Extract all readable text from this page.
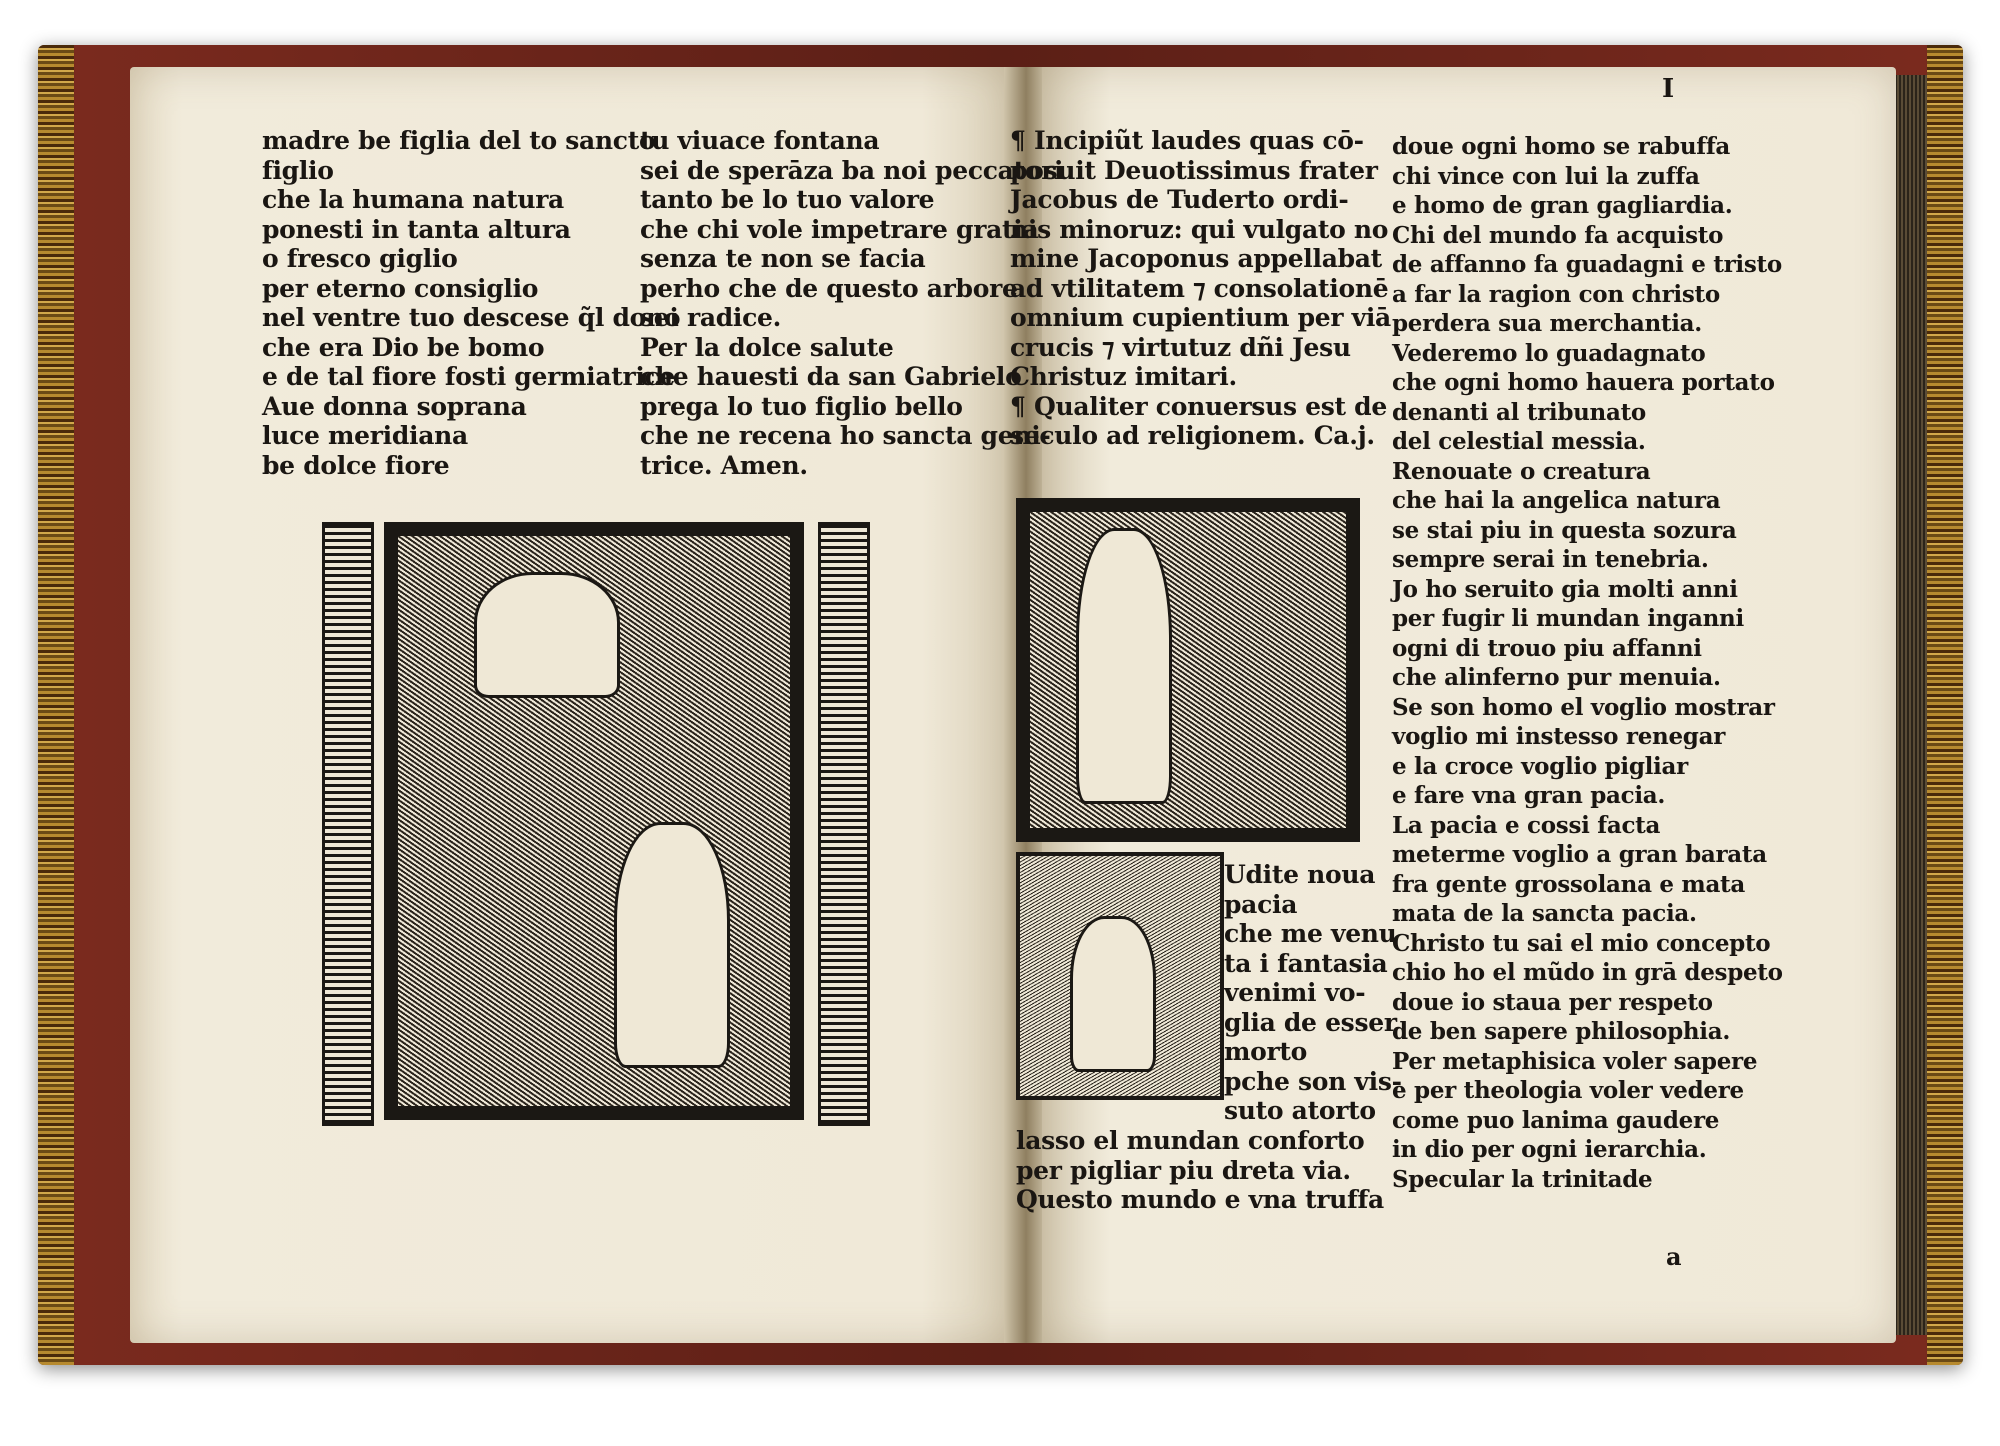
madre be figlia del to sancto
figlio
che la humana natura
ponesti in tanta altura
o fresco giglio
per eterno consiglio
nel ventre tuo descese q̃l dono
che era Dio be bomo
e de tal fiore fosti germiatrice
Aue donna soprana
luce meridiana
be dolce fiore
tu viuace fontana
sei de sperāza ba noi peccatori
tanto be lo tuo valore
che chi vole impetrare gratia
senza te non se facia
perho che de questo arbore
sei radice.
Per la dolce salute
che hauesti da san Gabrielo
prega lo tuo figlio bello
che ne recena ho sancta geni-
trice. Amen.
I
¶ Incipiũt laudes quas cō-
posuit Deuotissimus frater
Jacobus de Tuderto ordi-
nis minoruz: qui vulgato no
mine Jacoponus appellabat
ad vtilitatem ⁊ consolationē
omnium cupientium per viā
crucis ⁊ virtutuz dñi Jesu
Christuz imitari.
¶ Qualiter conuersus est de
seculo ad religionem. Ca.j.
Udite noua
pacia
che me venu
ta i fantasia
venimi vo-
glia de esser
morto
pche son vis-
suto atorto
lasso el mundan conforto
per pigliar piu dreta via.
Questo mundo e vna truffa
doue ogni homo se rabuffa
chi vince con lui la zuffa
e homo de gran gagliardia.
Chi del mundo fa acquisto
de affanno fa guadagni e tristo
a far la ragion con christo
perdera sua merchantia.
Vederemo lo guadagnato
che ogni homo hauera portato
denanti al tribunato
del celestial messia.
Renouate o creatura
che hai la angelica natura
se stai piu in questa sozura
sempre serai in tenebria.
Jo ho seruito gia molti anni
per fugir li mundan inganni
ogni di trouo piu affanni
che alinferno pur menuia.
Se son homo el voglio mostrar
voglio mi instesso renegar
e la croce voglio pigliar
e fare vna gran pacia.
La pacia e cossi facta
meterme voglio a gran barata
fra gente grossolana e mata
mata de la sancta pacia.
Christo tu sai el mio concepto
chio ho el mũdo in grā despeto
doue io staua per respeto
de ben sapere philosophia.
Per metaphisica voler sapere
e per theologia voler vedere
come puo lanima gaudere
in dio per ogni ierarchia.
Specular la trinitade
a
